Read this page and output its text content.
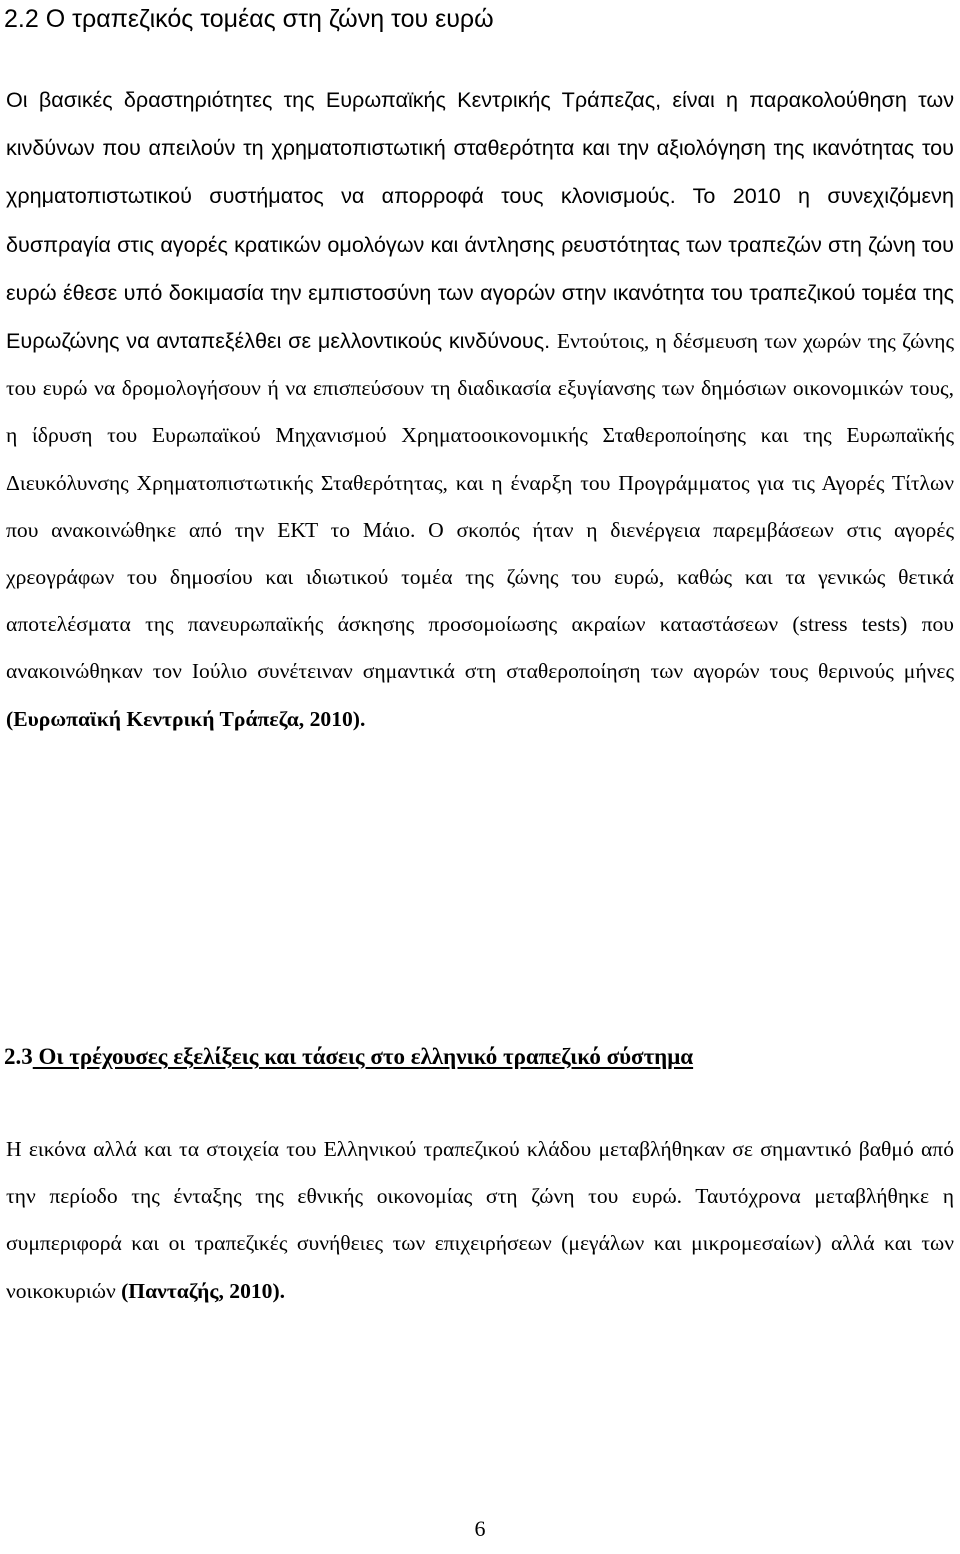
2.2 Ο τραπεζικός τομέας στη ζώνη του ευρώ

Οι βασικές δραστηριότητες της Ευρωπαϊκής Κεντρικής Τράπεζας, είναι η παρακολούθηση των κινδύνων που απειλούν τη χρηματοπιστωτική σταθερότητα και την αξιολόγηση της ικανότητας του χρηματοπιστωτικού συστήματος να απορροφά τους κλονισμούς. Το 2010 η συνεχιζόμενη δυσπραγία στις αγορές κρατικών ομολόγων και άντλησης ρευστότητας των τραπεζών στη ζώνη του ευρώ έθεσε υπό δοκιμασία την εμπιστοσύνη των αγορών στην ικανότητα του τραπεζικού τομέα της Ευρωζώνης να ανταπεξέλθει σε μελλοντικούς κινδύνους. Εντούτοις, η δέσμευση των χωρών της ζώνης του ευρώ να δρομολογήσουν ή να επισπεύσουν τη διαδικασία εξυγίανσης των δημόσιων οικονομικών τους, η ίδρυση του Ευρωπαϊκού Μηχανισμού Χρηματοοικονομικής Σταθεροποίησης και της Ευρωπαϊκής Διευκόλυνσης Χρηματοπιστωτικής Σταθερότητας, και η έναρξη του Προγράμματος για τις Αγορές Τίτλων που ανακοινώθηκε από την ΕΚΤ το Μάιο. Ο σκοπός ήταν η διενέργεια παρεμβάσεων στις αγορές χρεογράφων του δημοσίου και ιδιωτικού τομέα της ζώνης του ευρώ, καθώς και τα γενικώς θετικά αποτελέσματα της πανευρωπαϊκής άσκησης προσομοίωσης ακραίων καταστάσεων (stress tests) που ανακοινώθηκαν τον Ιούλιο συνέτειναν σημαντικά στη σταθεροποίηση των αγορών τους θερινούς μήνες (Ευρωπαϊκή Κεντρική Τράπεζα, 2010).

2.3 Οι τρέχουσες εξελίξεις και τάσεις στο ελληνικό τραπεζικό σύστημα

Η εικόνα αλλά και τα στοιχεία του Ελληνικού τραπεζικού κλάδου μεταβλήθηκαν σε σημαντικό βαθμό από την περίοδο της ένταξης της εθνικής οικονομίας στη ζώνη του ευρώ. Ταυτόχρονα μεταβλήθηκε η συμπεριφορά και οι τραπεζικές συνήθειες των επιχειρήσεων (μεγάλων και μικρομεσαίων) αλλά και των νοικοκυριών (Πανταζής, 2010).

6
